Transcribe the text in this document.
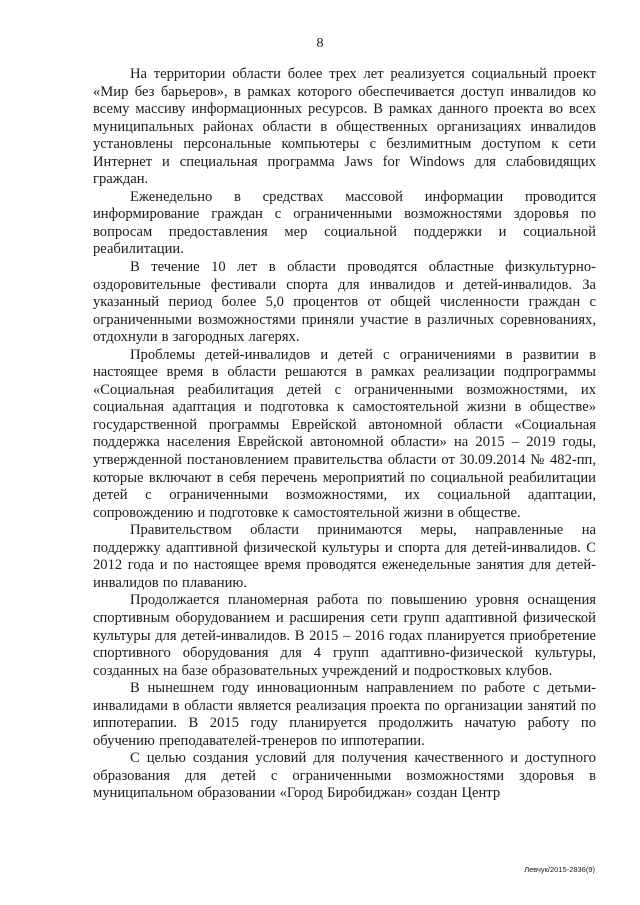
8

На территории области более трех лет реализуется социальный проект «Мир без барьеров», в рамках которого обеспечивается доступ инвалидов ко всему массиву информационных ресурсов. В рамках данного проекта во всех муниципальных районах области в общественных организациях инвалидов установлены персональные компьютеры с безлимитным доступом к сети Интернет и специальная программа Jaws for Windows для слабовидящих граждан.

Еженедельно в средствах массовой информации проводится информирование граждан с ограниченными возможностями здоровья по вопросам предоставления мер социальной поддержки и социальной реабилитации.

В течение 10 лет в области проводятся областные физкультурно-оздоровительные фестивали спорта для инвалидов и детей-инвалидов. За указанный период более 5,0 процентов от общей численности граждан с ограниченными возможностями приняли участие в различных соревнованиях, отдохнули в загородных лагерях.

Проблемы детей-инвалидов и детей с ограничениями в развитии в настоящее время в области решаются в рамках реализации подпрограммы «Социальная реабилитация детей с ограниченными возможностями, их социальная адаптация и подготовка к самостоятельной жизни в обществе» государственной программы Еврейской автономной области «Социальная поддержка населения Еврейской автономной области» на 2015 – 2019 годы, утвержденной постановлением правительства области от 30.09.2014 № 482-пп, которые включают в себя перечень мероприятий по социальной реабилитации детей с ограниченными возможностями, их социальной адаптации, сопровождению и подготовке к самостоятельной жизни в обществе.

Правительством области принимаются меры, направленные на поддержку адаптивной физической культуры и спорта для детей-инвалидов. С 2012 года и по настоящее время проводятся еженедельные занятия для детей-инвалидов по плаванию.

Продолжается планомерная работа по повышению уровня оснащения спортивным оборудованием и расширения сети групп адаптивной физической культуры для детей-инвалидов. В 2015 – 2016 годах планируется приобретение спортивного оборудования для 4 групп адаптивно-физической культуры, созданных на базе образовательных учреждений и подростковых клубов.

В нынешнем году инновационным направлением по работе с детьми-инвалидами в области является реализация проекта по организации занятий по иппотерапии. В 2015 году планируется продолжить начатую работу по обучению преподавателей-тренеров по иппотерапии.

С целью создания условий для получения качественного и доступного образования для детей с ограниченными возможностями здоровья в муниципальном образовании «Город Биробиджан» создан Центр

Левчук/2015-2836(9)
